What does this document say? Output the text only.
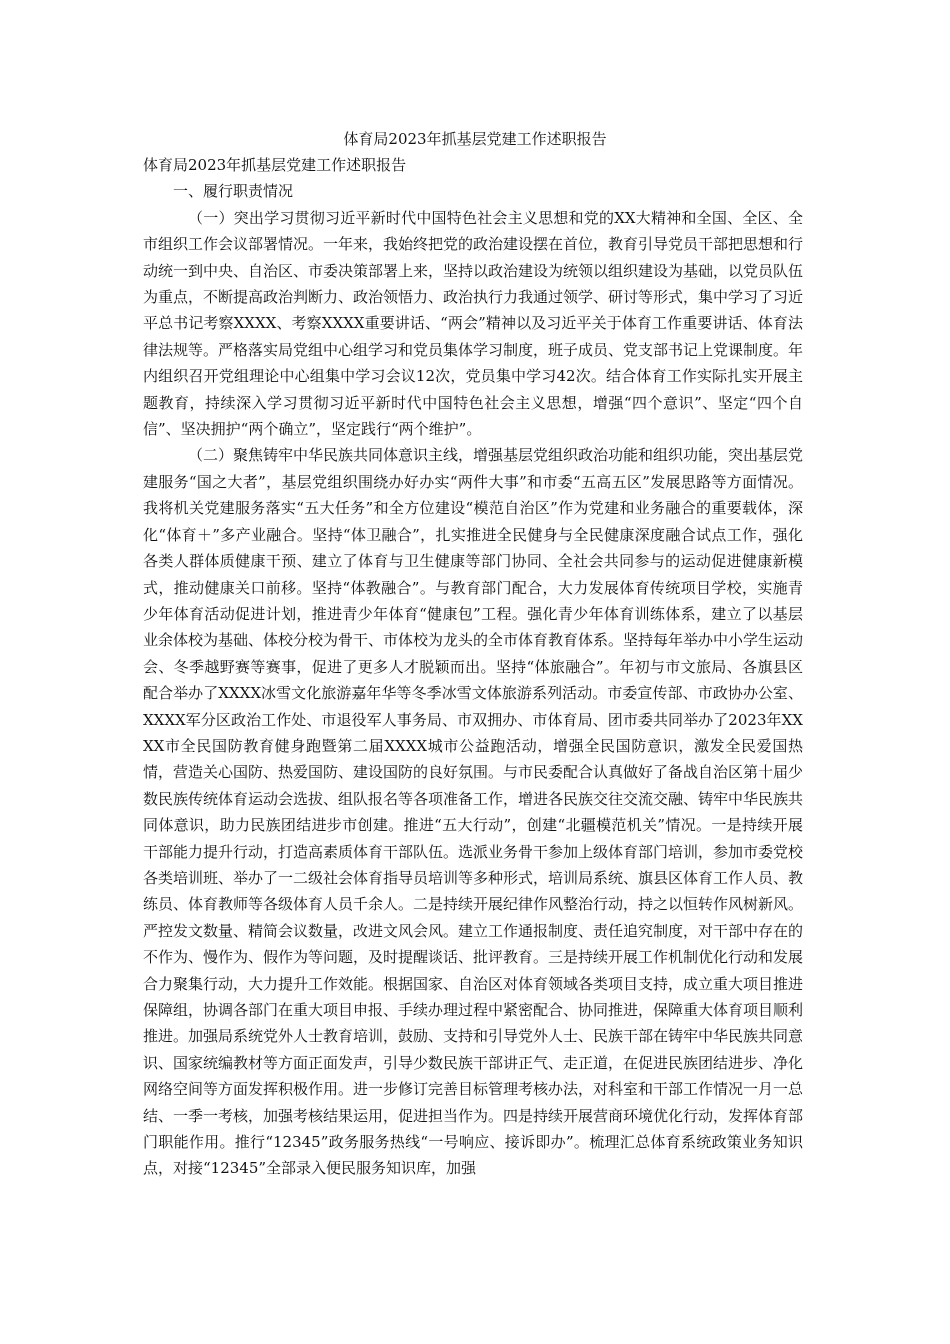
体育局2023年抓基层党建工作述职报告

体育局2023年抓基层党建工作述职报告

一、履行职责情况

（一）突出学习贯彻习近平新时代中国特色社会主义思想和党的XX大精神和全国、全区、全市组织工作会议部署情况。一年来，我始终把党的政治建设摆在首位，教育引导党员干部把思想和行动统一到中央、自治区、市委决策部署上来，坚持以政治建设为统领以组织建设为基础，以党员队伍为重点，不断提高政治判断力、政治领悟力、政治执行力我通过领学、研讨等形式，集中学习了习近平总书记考察XXXX、考察XXXX重要讲话、“两会”精神以及习近平关于体育工作重要讲话、体育法律法规等。严格落实局党组中心组学习和党员集体学习制度，班子成员、党支部书记上党课制度。年内组织召开党组理论中心组集中学习会议12次，党员集中学习42次。结合体育工作实际扎实开展主题教育，持续深入学习贯彻习近平新时代中国特色社会主义思想，增强“四个意识”、坚定“四个自信”、坚决拥护“两个确立”，坚定践行“两个维护”。

（二）聚焦铸牢中华民族共同体意识主线，增强基层党组织政治功能和组织功能，突出基层党建服务“国之大者”，基层党组织围绕办好办实“两件大事”和市委“五高五区”发展思路等方面情况。我将机关党建服务落实“五大任务”和全方位建设“模范自治区”作为党建和业务融合的重要载体，深化“体育＋”多产业融合。坚持“体卫融合”，扎实推进全民健身与全民健康深度融合试点工作，强化各类人群体质健康干预、建立了体育与卫生健康等部门协同、全社会共同参与的运动促进健康新模式，推动健康关口前移。坚持“体教融合”。与教育部门配合，大力发展体育传统项目学校，实施青少年体育活动促进计划，推进青少年体育“健康包”工程。强化青少年体育训练体系，建立了以基层业余体校为基础、体校分校为骨干、市体校为龙头的全市体育教育体系。坚持每年举办中小学生运动会、冬季越野赛等赛事，促进了更多人才脱颖而出。坚持“体旅融合”。年初与市文旅局、各旗县区配合举办了XXXX冰雪文化旅游嘉年华等冬季冰雪文体旅游系列活动。市委宣传部、市政协办公室、XXXX军分区政治工作处、市退役军人事务局、市双拥办、市体育局、团市委共同举办了2023年XXXX市全民国防教育健身跑暨第二届XXXX城市公益跑活动，增强全民国防意识，激发全民爱国热情，营造关心国防、热爱国防、建设国防的良好氛围。与市民委配合认真做好了备战自治区第十届少数民族传统体育运动会选拔、组队报名等各项准备工作，增进各民族交往交流交融、铸牢中华民族共同体意识，助力民族团结进步市创建。推进“五大行动”，创建“北疆模范机关”情况。一是持续开展干部能力提升行动，打造高素质体育干部队伍。选派业务骨干参加上级体育部门培训，参加市委党校各类培训班、举办了一二级社会体育指导员培训等多种形式，培训局系统、旗县区体育工作人员、教练员、体育教师等各级体育人员千余人。二是持续开展纪律作风整治行动，持之以恒转作风树新风。严控发文数量、精简会议数量，改进文风会风。建立工作通报制度、责任追究制度，对干部中存在的不作为、慢作为、假作为等问题，及时提醒谈话、批评教育。三是持续开展工作机制优化行动和发展合力聚集行动，大力提升工作效能。根据国家、自治区对体育领域各类项目支持，成立重大项目推进保障组，协调各部门在重大项目申报、手续办理过程中紧密配合、协同推进，保障重大体育项目顺利推进。加强局系统党外人士教育培训，鼓励、支持和引导党外人士、民族干部在铸牢中华民族共同意识、国家统编教材等方面正面发声，引导少数民族干部讲正气、走正道，在促进民族团结进步、净化网络空间等方面发挥积极作用。进一步修订完善目标管理考核办法，对科室和干部工作情况一月一总结、一季一考核，加强考核结果运用，促进担当作为。四是持续开展营商环境优化行动，发挥体育部门职能作用。推行“12345”政务服务热线“一号响应、接诉即办”。梳理汇总体育系统政策业务知识点，对接“12345”全部录入便民服务知识库，加强
